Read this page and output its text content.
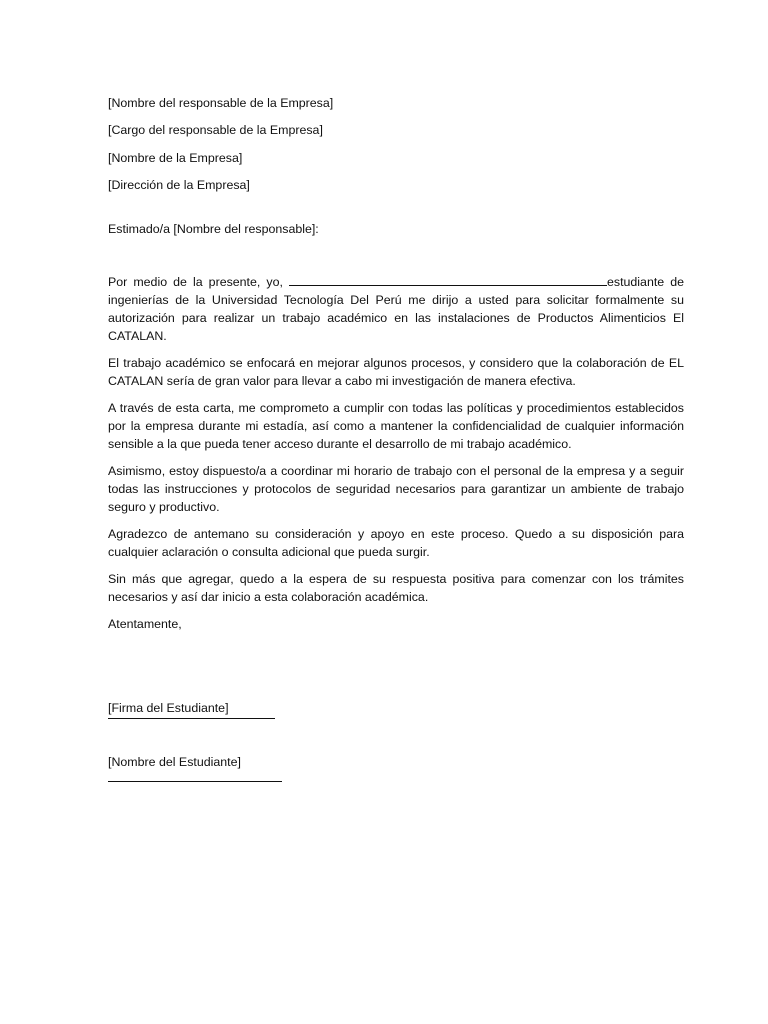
[Nombre del responsable de la Empresa]

[Cargo del responsable de la Empresa]

[Nombre de la Empresa]

[Dirección de la Empresa]

Estimado/a [Nombre del responsable]:

Por medio de la presente, yo,	estudiante de ingenierías de la Universidad Tecnología Del Perú me dirijo a usted para solicitar formalmente su autorización para realizar un trabajo académico en las instalaciones de Productos Alimenticios El CATALAN.

El trabajo académico se enfocará en mejorar algunos procesos, y considero que la colaboración de EL CATALAN sería de gran valor para llevar a cabo mi investigación de manera efectiva.

A través de esta carta, me comprometo a cumplir con todas las políticas y procedimientos establecidos por la empresa durante mi estadía, así como a mantener la confidencialidad de cualquier información sensible a la que pueda tener acceso durante el desarrollo de mi trabajo académico.

Asimismo, estoy dispuesto/a a coordinar mi horario de trabajo con el personal de la empresa y a seguir todas las instrucciones y protocolos de seguridad necesarios para garantizar un ambiente de trabajo seguro y productivo.

Agradezco de antemano su consideración y apoyo en este proceso. Quedo a su disposición para cualquier aclaración o consulta adicional que pueda surgir.

Sin más que agregar, quedo a la espera de su respuesta positiva para comenzar con los trámites necesarios y así dar inicio a esta colaboración académica.

Atentamente,

[Firma del Estudiante]
[Nombre del Estudiante]
